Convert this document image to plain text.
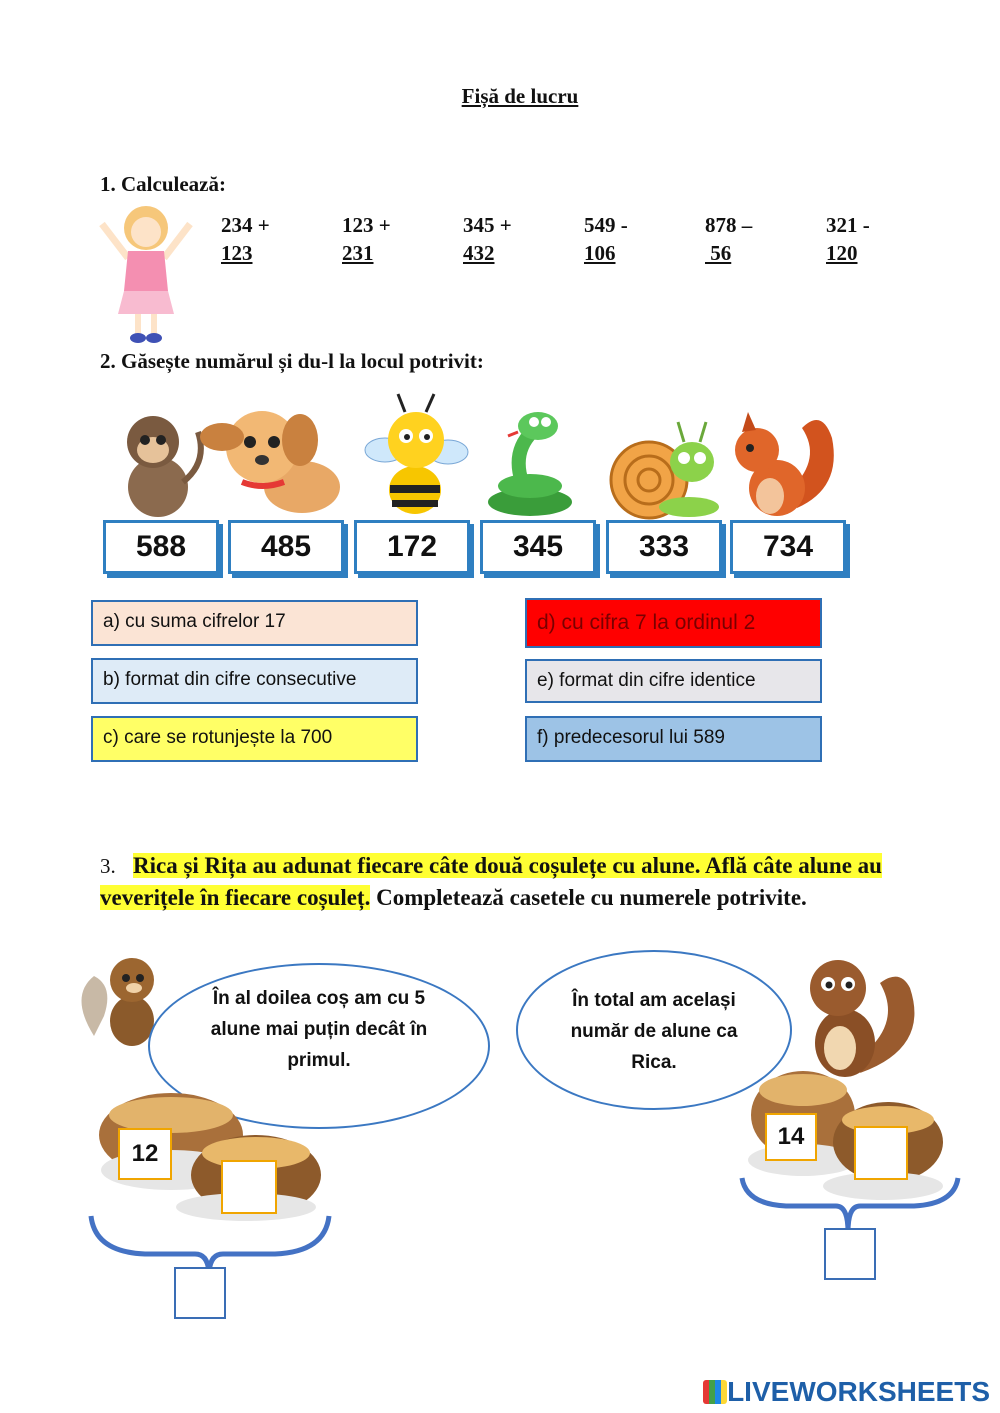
Fișă de lucru
1. Calculează:
234 +
123
123 +
231
345 +
432
549 -
106
878 –
56
321 -
120
2. Găsește numărul și du-l la locul potrivit:
588	485	172	345	333	734
a) cu suma cifrelor 17
b) format din cifre consecutive
c) care se rotunjește la 700
d) cu cifra 7 la ordinul 2
e) format din cifre identice
f) predecesorul lui 589
3. Rica și Rița au adunat fiecare câte două coșulețe cu alune. Află câte alune au veverițele în fiecare coșuleț. Completează casetele cu numerele potrivite.
În al doilea coș am cu 5 alune mai puțin decât în primul.
12
În total am același număr de alune ca Rica.
14
LIVEWORKSHEETS
